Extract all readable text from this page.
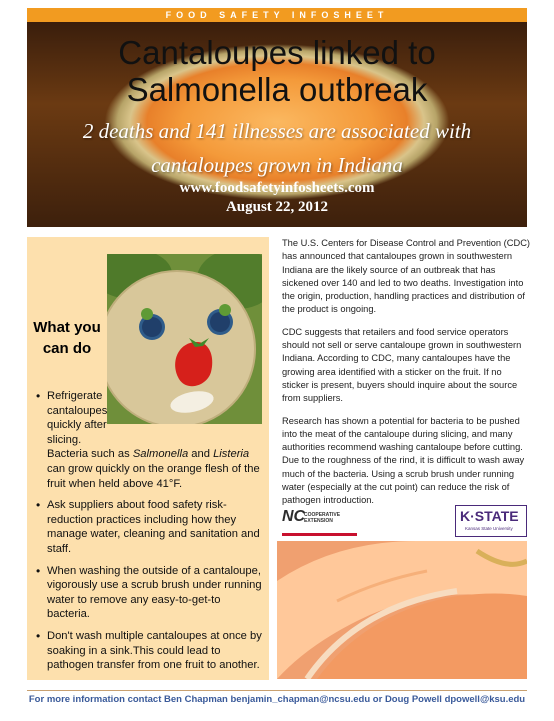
FOOD SAFETY INFOSHEET
Cantaloupes linked to
Salmonella outbreak
2 deaths and 141 illnesses are associated with
cantaloupes grown in Indiana
www.foodsafetyinfosheets.com
August 22, 2012
What you
can do
• Refrigerate cantaloupes quickly after slicing.
Bacteria such as Salmonella and Listeria can grow quickly on the orange flesh of the fruit when held above 41°F.
• Ask suppliers about food safety risk-reduction practices including how they manage water, cleaning and sanitation and staff.
• When washing the outside of a cantaloupe, vigorously use a scrub brush under running water to remove any easy-to-get-to bacteria.
• Don't wash multiple cantaloupes at once by soaking in a sink.This could lead to pathogen transfer from one fruit to another.

The U.S. Centers for Disease Control and Prevention (CDC) has announced that cantaloupes grown in southwestern Indiana are the likely source of an outbreak that has sickened over 140 and led to two deaths. Investigation into the origin, production, handling practices and distribution of the product is ongoing.

CDC suggests that retailers and food service operators should not sell or serve cantaloupe grown in southwestern Indiana. According to CDC, many cantaloupes have the growing area identified with a sticker on the fruit. If no sticker is present, buyers should inquire about the source from suppliers.

Research has shown a potential for bacteria to be pushed into the meat of the cantaloupe during slicing, and many authorities recommend washing cantaloupe before cutting. Due to the roughness of the rind, it is difficult to wash away much of the bacteria. Using a scrub brush under running water (especially at the cut point) can reduce the risk of pathogen introduction.

NC
COOPERATIVE
EXTENSION	K·STATE
Kansas State University
For more information contact Ben Chapman benjamin_chapman@ncsu.edu or Doug Powell dpowell@ksu.edu
